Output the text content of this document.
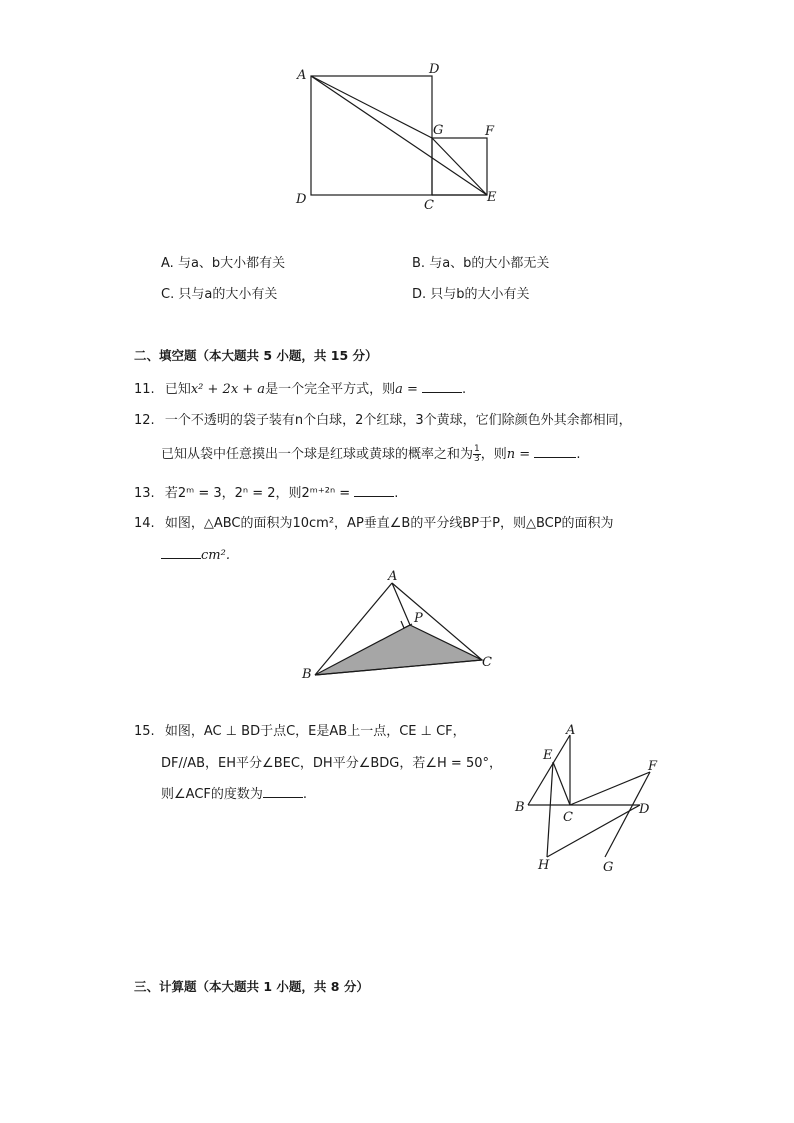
A	D
G	F
D	C
E
A. 与a、b大小都有关	B. 与a、b的大小都无关
C. 只与a的大小有关	D. 只与b的大小有关
二、填空题（本大题共 5 小题，共 15 分）
11. 已知x² + 2x + a是一个完全平方式，则a =	.
12. 一个不透明的袋子装有n个白球，2个红球，3个黄球，它们除颜色外其余都相同，
已知从袋中任意摸出一个球是红球或黄球的概率之和为 $\frac{1}{3}$ ，则n =	.
13. 若2ᵐ = 3，2ⁿ = 2，则2ᵐ⁺²ⁿ =	.
14. 如图，△ABC的面积为10cm²，AP垂直∠B的平分线BP于P，则△BCP的面积为
cm².
A
P
B
C
15. 如图，AC ⊥ BD于点C，E是AB上一点，CE ⊥ CF，
DF//AB，EH平分∠BEC，DH平分∠BDG，若∠H = 50°，
则∠ACF的度数为	.
A
E
F
B
C
D
H	G
三、计算题（本大题共 1 小题，共 8 分）
